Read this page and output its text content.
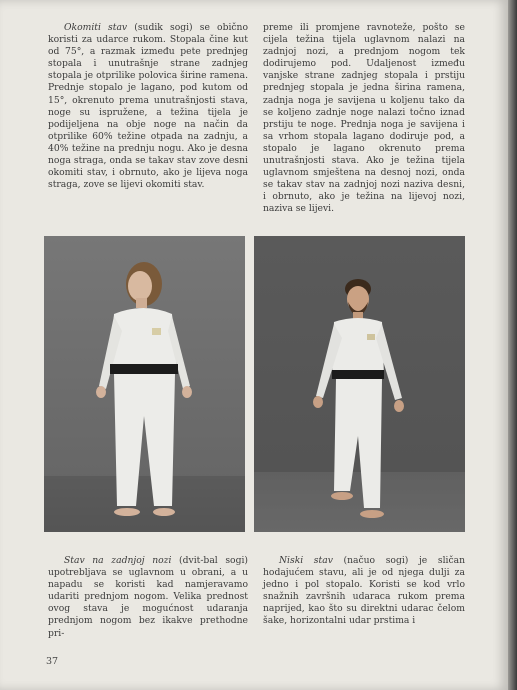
Okomiti stav (sudik sogi) se obično koristi za udarce rukom. Stopala čine kut od 75°, a razmak između pete prednjeg stopala i unutrašnje strane zadnjeg stopala je otprilike polovica širine ramena. Prednje stopalo je lagano, pod kutom od 15°, okrenuto prema unutrašnjosti stava, noge su ispružene, a težina tijela je podijeljena na obje noge na način da otprilike 60% težine otpada na zadnju, a 40% težine na prednju nogu. Ako je desna noga straga, onda se takav stav zove desni okomiti stav, i obrnuto, ako je lijeva noga straga, zove se lijevi okomiti stav.
preme ili promjene ravnoteže, pošto se cijela težina tijela uglavnom nalazi na zadnjoj nozi, a prednjom nogom tek dodirujemo pod. Udaljenost između vanjske strane zadnjeg stopala i prstiju prednjeg stopala je jedna širina ramena, zadnja noga je savijena u koljenu tako da se koljeno zadnje noge nalazi točno iznad prstiju te noge. Prednja noga je savijena i sa vrhom stopala lagano dodiruje pod, a stopalo je lagano okrenuto prema unutrašnjosti stava. Ako je težina tijela uglavnom smještena na desnoj nozi, onda se takav stav na zadnjoj nozi naziva desni, i obrnuto, ako je težina na lijevoj nozi, naziva se lijevi.
Stav na zadnjoj nozi (dvit-bal sogi) upotrebljava se uglavnom u obrani, a u napadu se koristi kad namjeravamo udariti prednjom nogom. Velika prednost ovog stava je mogućnost udaranja prednjom nogom bez ikakve prethodne pri-
Niski stav (načuo sogi) je sličan hodajućem stavu, ali je od njega dulji za jedno i pol stopalo. Koristi se kod vrlo snažnih završnih udaraca rukom prema naprijed, kao što su direktni udarac čelom šake, horizontalni udar prstima i
37
